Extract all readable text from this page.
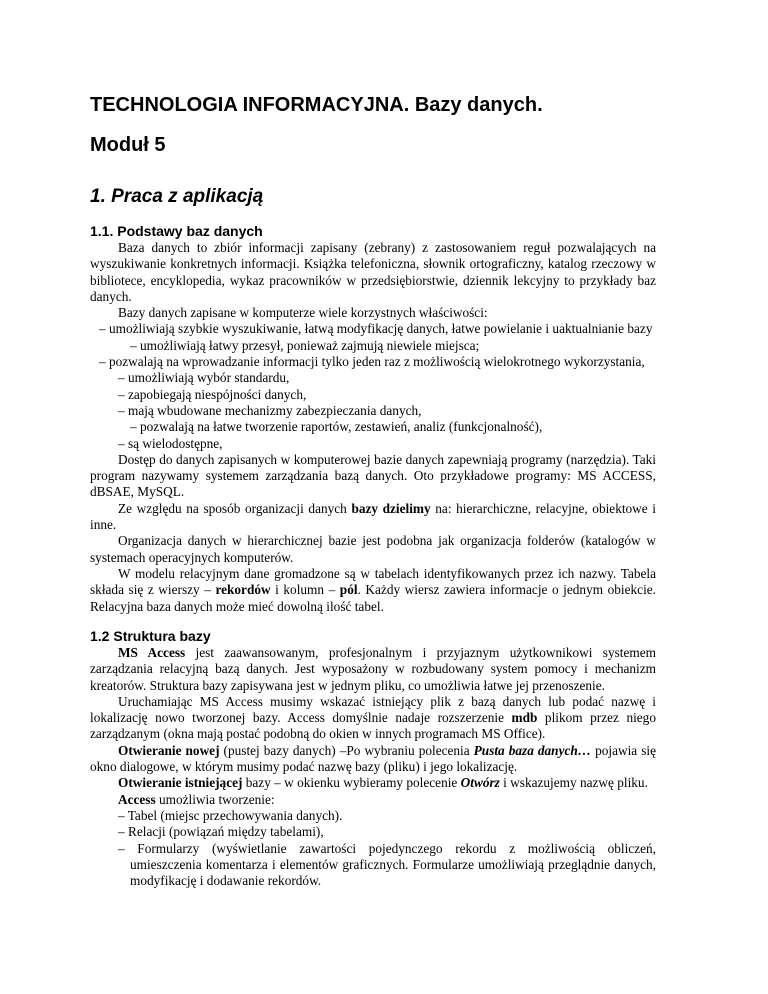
TECHNOLOGIA INFORMACYJNA. Bazy danych.
Moduł 5
1. Praca z aplikacją
1.1. Podstawy baz danych

Baza danych to zbiór informacji zapisany (zebrany) z zastosowaniem reguł pozwalających na wyszukiwanie konkretnych informacji. Książka telefoniczna, słownik ortograficzny, katalog rzeczowy w bibliotece, encyklopedia, wykaz pracowników w przedsiębiorstwie, dziennik lekcyjny to przykłady baz danych.

Bazy danych zapisane w komputerze wiele korzystnych właściwości:

– umożliwiają szybkie wyszukiwanie, łatwą modyfikację danych, łatwe powielanie i uaktualnianie bazy

– umożliwiają łatwy przesył, ponieważ zajmują niewiele miejsca;

– pozwalają na wprowadzanie informacji tylko jeden raz z możliwością wielokrotnego wykorzystania,

– umożliwiają wybór standardu,

– zapobiegają niespójności danych,

– mają wbudowane mechanizmy zabezpieczania danych,

– pozwalają na łatwe tworzenie raportów, zestawień, analiz (funkcjonalność),

– są wielodostępne,

Dostęp do danych zapisanych w komputerowej bazie danych zapewniają programy (narzędzia). Taki program nazywamy systemem zarządzania bazą danych. Oto przykładowe programy: MS ACCESS, dBSAE, MySQL.

Ze względu na sposób organizacji danych bazy dzielimy na: hierarchiczne, relacyjne, obiektowe i inne.

Organizacja danych w hierarchicznej bazie jest podobna jak organizacja folderów (katalogów w systemach operacyjnych komputerów.

W modelu relacyjnym dane gromadzone są w tabelach identyfikowanych przez ich nazwy. Tabela składa się z wierszy – rekordów i kolumn – pól. Każdy wiersz zawiera informacje o jednym obiekcie. Relacyjna baza danych może mieć dowolną ilość tabel.

1.2 Struktura bazy

MS Access jest zaawansowanym, profesjonalnym i przyjaznym użytkownikowi systemem zarządzania relacyjną bazą danych. Jest wyposażony w rozbudowany system pomocy i mechanizm kreatorów. Struktura bazy zapisywana jest w jednym pliku, co umożliwia łatwe jej przenoszenie.

Uruchamiając MS Access musimy wskazać istniejący plik z bazą danych lub podać nazwę i lokalizację nowo tworzonej bazy. Access domyślnie nadaje rozszerzenie mdb plikom przez niego zarządzanym (okna mają postać podobną do okien w innych programach MS Office).

Otwieranie nowej (pustej bazy danych) –Po wybraniu polecenia Pusta baza danych… pojawia się okno dialogowe, w którym musimy podać nazwę bazy (pliku) i jego lokalizację.

Otwieranie istniejącej bazy – w okienku wybieramy polecenie Otwórz i wskazujemy nazwę pliku.

Access umożliwia tworzenie:

– Tabel (miejsc przechowywania danych).

– Relacji (powiązań między tabelami),

– Formularzy (wyświetlanie zawartości pojedynczego rekordu z możliwością obliczeń, umieszczenia komentarza i elementów graficznych. Formularze umożliwiają przeglądnie danych, modyfikację i dodawanie rekordów.
